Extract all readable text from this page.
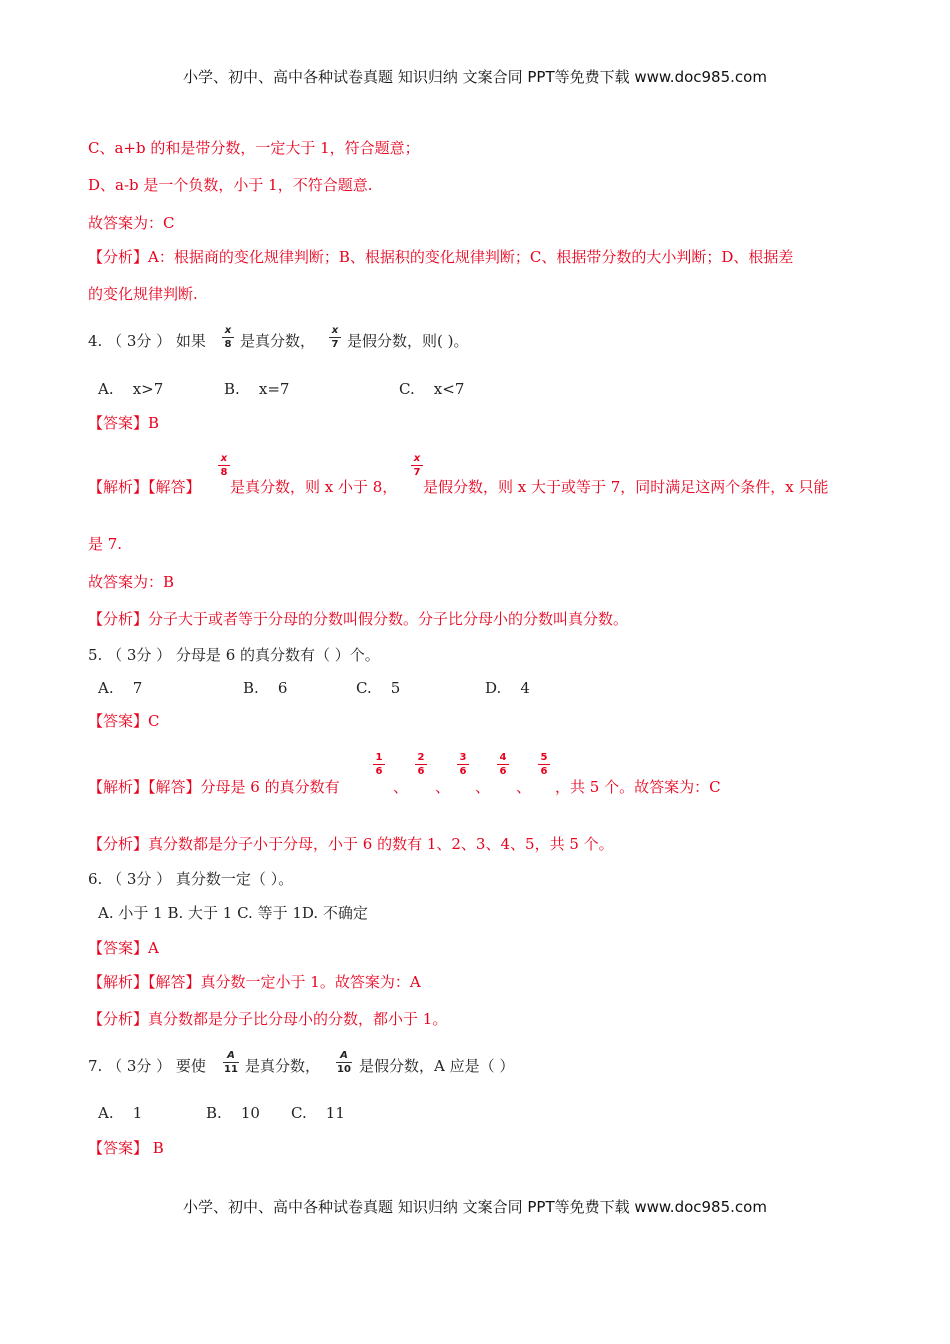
小学、初中、高中各种试卷真题 知识归纳 文案合同 PPT等免费下载 www.doc985.com
C、a+b 的和是带分数，一定大于 1，符合题意；
D、a-b 是一个负数，小于 1，不符合题意.
故答案为：C
【分析】A：根据商的变化规律判断；B、根据积的变化规律判断；C、根据带分数的大小判断；D、根据差
的变化规律判断.
4. （ 3分 ） 如果
x
8 是真分数，
x
7 是假分数，则( )。
A. x>7	B. x=7	C. x<7
【答案】B
【解析】【解答】
x
8
是真分数，则 x 小于 8，
x
7
是假分数，则 x 大于或等于 7，同时满足这两个条件，x 只能
是 7.
故答案为：B
【分析】分子大于或者等于分母的分数叫假分数。分子比分母小的分数叫真分数。
5. （ 3分 ） 分母是 6 的真分数有（ ）个。
A. 7	B. 6	C. 5	D. 4
【答案】C
【解析】【解答】分母是 6 的真分数有
1
6
、
2
6
、
3
6
、
4
6
、
5
6
，共 5 个。故答案为：C
【分析】真分数都是分子小于分母，小于 6 的数有 1、2、3、4、5，共 5 个。
6. （ 3分 ） 真分数一定（ ）。
A. 小于 1 B. 大于 1 C. 等于 1D. 不确定
【答案】A
【解析】【解答】真分数一定小于 1。故答案为：A
【分析】真分数都是分子比分母小的分数，都小于 1。
7. （ 3分 ） 要使
A
11 是真分数，
A
10 是假分数，A 应是（ ）
A. 1	B. 10 C. 11
【答案】 B
小学、初中、高中各种试卷真题 知识归纳 文案合同 PPT等免费下载 www.doc985.com
